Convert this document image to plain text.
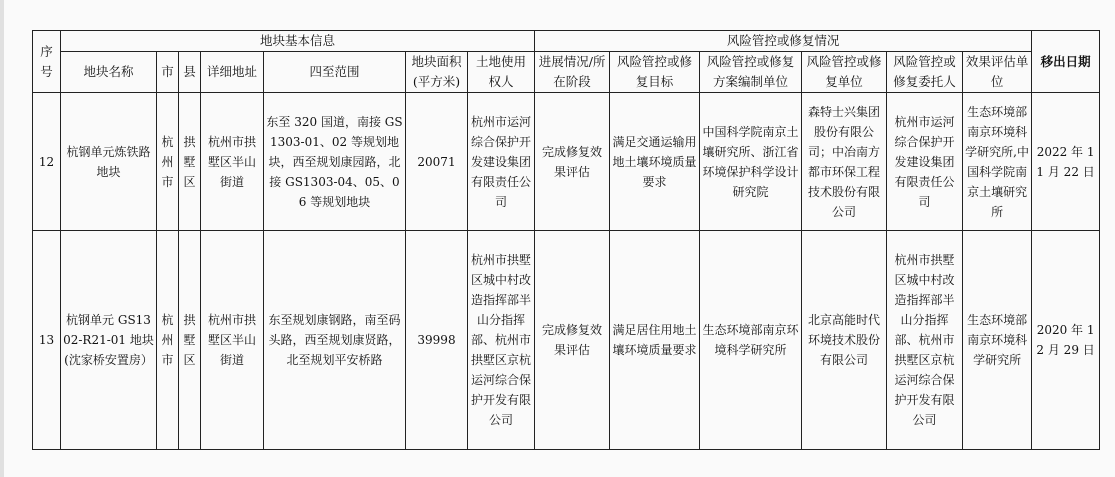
序号	地块基本信息							风险管控或修复情况						移出日期
	地块名称	市	县	详细地址	四至范围	地块面积(平方米)	土地使用权人	进展情况/所在阶段	风险管控或修复目标	风险管控或修复方案编制单位	风险管控或修复单位	风险管控或修复委托人	效果评估单位	
12	杭钢单元炼铁路地块	杭州市	拱墅区	杭州市拱墅区半山街道	东至 320 国道，南接 GS1303-01、02 等规划地块，西至规划康园路，北接 GS1303-04、05、06 等规划地块	20071	杭州市运河综合保护开发建设集团有限责任公司	完成修复效果评估	满足交通运输用地土壤环境质量要求	中国科学院南京土壤研究所、浙江省环境保护科学设计研究院	森特士兴集团股份有限公司；中冶南方都市环保工程技术股份有限公司	杭州市运河综合保护开发建设集团有限责任公司	生态环境部南京环境科学研究所,中国科学院南京土壤研究所	2022 年 11 月 22 日
13	杭钢单元 GS1302-R21-01 地块(沈家桥安置房）	杭州市	拱墅区	杭州市拱墅区半山街道	东至规划康钢路，南至码头路，西至规划康贤路，北至规划平安桥路	39998	杭州市拱墅区城中村改造指挥部半山分指挥部、杭州市拱墅区京杭运河综合保护开发有限公司	完成修复效果评估	满足居住用地土壤环境质量要求	生态环境部南京环境科学研究所	北京高能时代环境技术股份有限公司	杭州市拱墅区城中村改造指挥部半山分指挥部、杭州市拱墅区京杭运河综合保护开发有限公司	生态环境部南京环境科学研究所	2020 年 12 月 29 日
